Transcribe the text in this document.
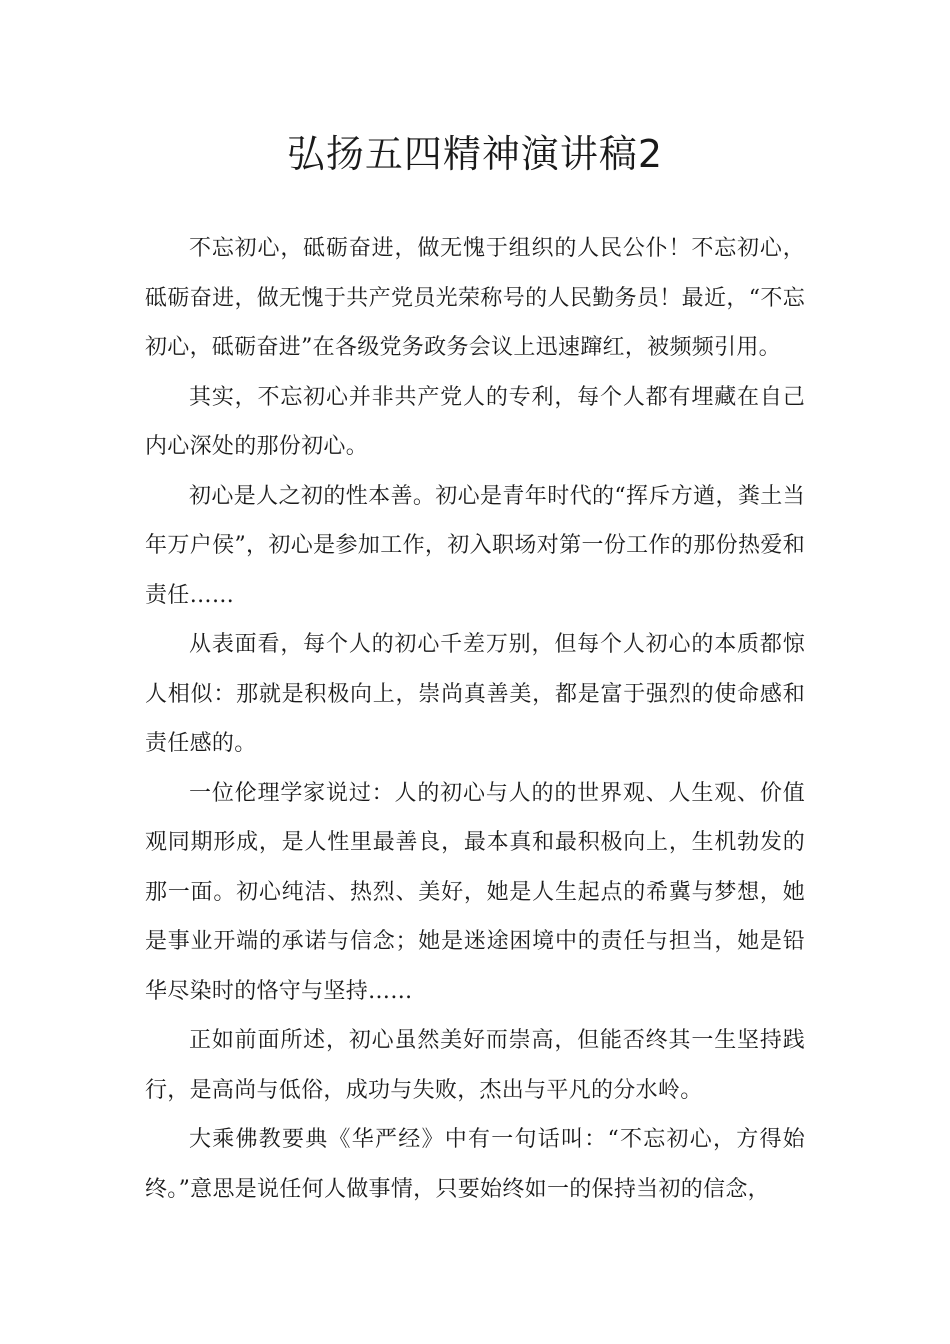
弘扬五四精神演讲稿2

不忘初心，砥砺奋进，做无愧于组织的人民公仆！不忘初心，砥砺奋进，做无愧于共产党员光荣称号的人民勤务员！最近，“不忘初心，砥砺奋进”在各级党务政务会议上迅速蹿红，被频频引用。

其实，不忘初心并非共产党人的专利，每个人都有埋藏在自己内心深处的那份初心。

初心是人之初的性本善。初心是青年时代的“挥斥方遒，粪土当年万户侯”，初心是参加工作，初入职场对第一份工作的那份热爱和责任……

从表面看，每个人的初心千差万别，但每个人初心的本质都惊人相似：那就是积极向上，崇尚真善美，都是富于强烈的使命感和责任感的。

一位伦理学家说过：人的初心与人的的世界观、人生观、价值观同期形成，是人性里最善良，最本真和最积极向上，生机勃发的那一面。初心纯洁、热烈、美好，她是人生起点的希冀与梦想，她是事业开端的承诺与信念；她是迷途困境中的责任与担当，她是铅华尽染时的恪守与坚持……

正如前面所述，初心虽然美好而崇高，但能否终其一生坚持践行，是高尚与低俗，成功与失败，杰出与平凡的分水岭。

大乘佛教要典《华严经》中有一句话叫：“不忘初心，方得始终。”意思是说任何人做事情，只要始终如一的保持当初的信念，
